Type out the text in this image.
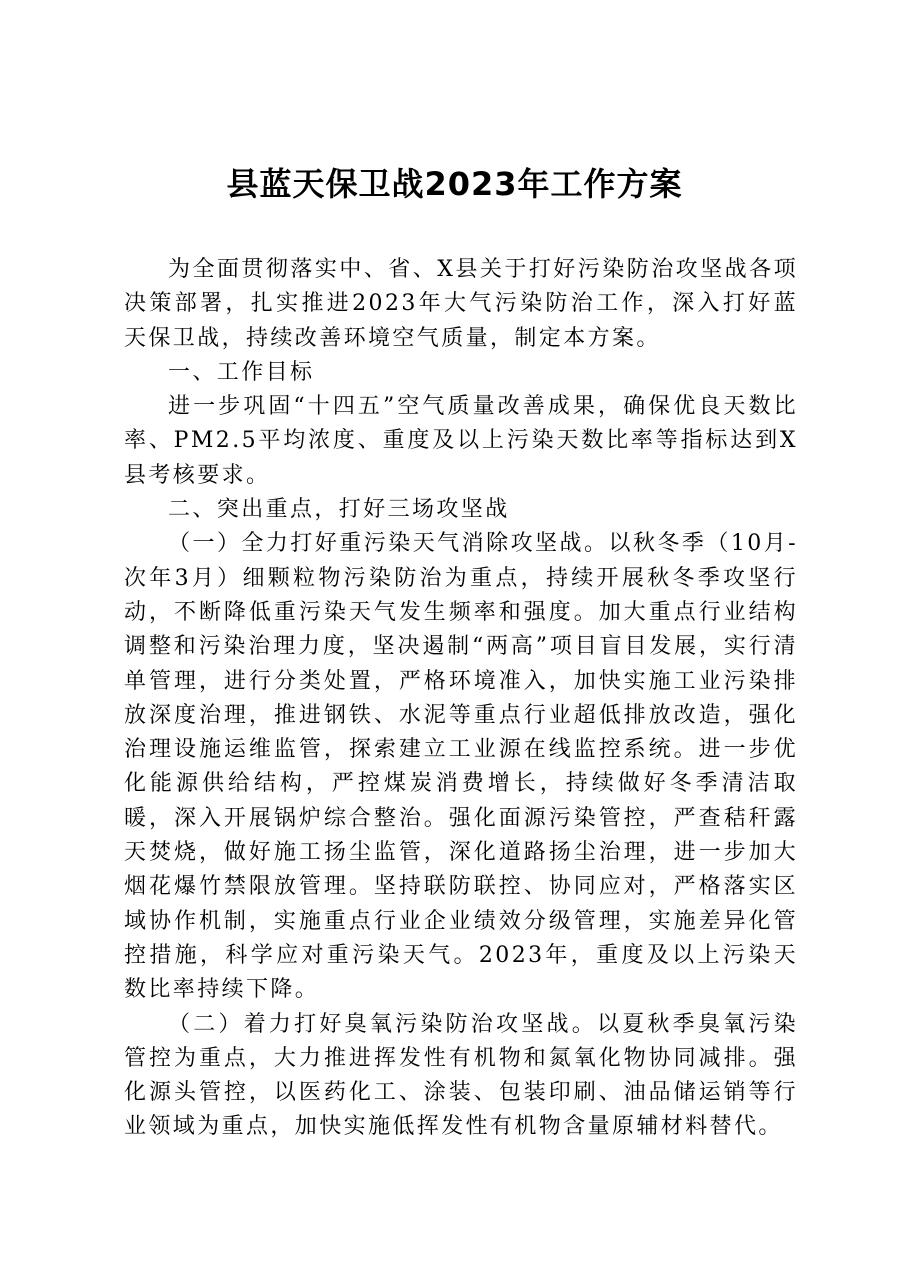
县蓝天保卫战2023年工作方案

为全面贯彻落实中、省、X县关于打好污染防治攻坚战各项决策部署，扎实推进2023年大气污染防治工作，深入打好蓝天保卫战，持续改善环境空气质量，制定本方案。

一、工作目标

进一步巩固“十四五”空气质量改善成果，确保优良天数比率、PM2.5平均浓度、重度及以上污染天数比率等指标达到X县考核要求。

二、突出重点，打好三场攻坚战

（一）全力打好重污染天气消除攻坚战。以秋冬季（10月-次年3月）细颗粒物污染防治为重点，持续开展秋冬季攻坚行动，不断降低重污染天气发生频率和强度。加大重点行业结构调整和污染治理力度，坚决遏制“两高”项目盲目发展，实行清单管理，进行分类处置，严格环境准入，加快实施工业污染排放深度治理，推进钢铁、水泥等重点行业超低排放改造，强化治理设施运维监管，探索建立工业源在线监控系统。进一步优化能源供给结构，严控煤炭消费增长，持续做好冬季清洁取暖，深入开展锅炉综合整治。强化面源污染管控，严查秸秆露天焚烧，做好施工扬尘监管，深化道路扬尘治理，进一步加大烟花爆竹禁限放管理。坚持联防联控、协同应对，严格落实区域协作机制，实施重点行业企业绩效分级管理，实施差异化管控措施，科学应对重污染天气。2023年，重度及以上污染天数比率持续下降。

（二）着力打好臭氧污染防治攻坚战。以夏秋季臭氧污染管控为重点，大力推进挥发性有机物和氮氧化物协同减排。强化源头管控，以医药化工、涂装、包装印刷、油品储运销等行业领域为重点，加快实施低挥发性有机物含量原辅材料替代。
